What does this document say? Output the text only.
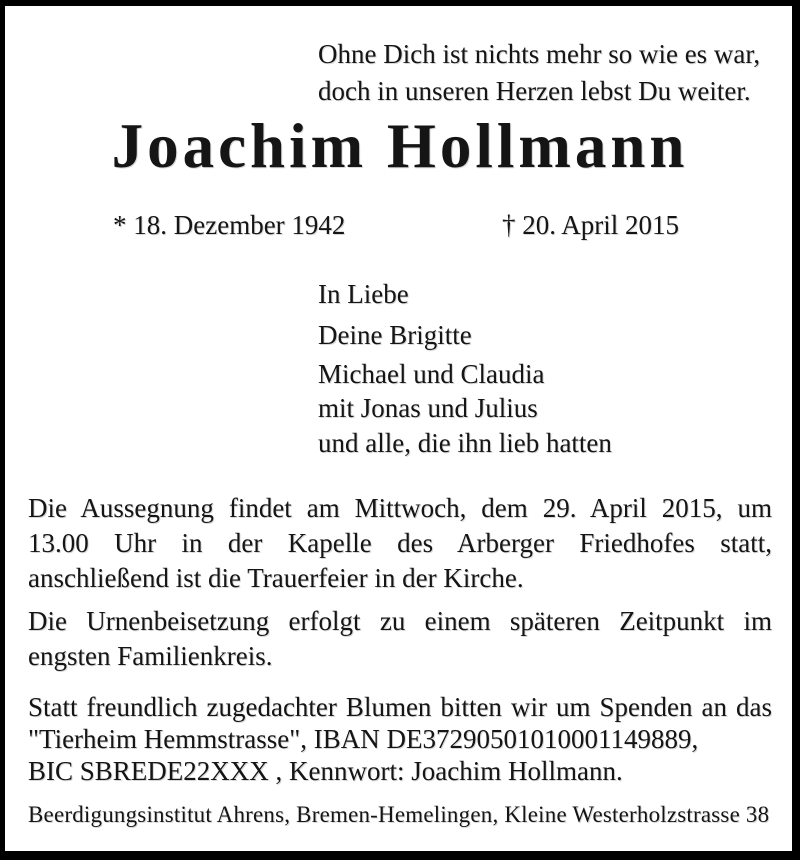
Ohne Dich ist nichts mehr so wie es war,
doch in unseren Herzen lebst Du weiter.
Joachim Hollmann
* 18. Dezember 1942	† 20. April 2015
In Liebe
Deine Brigitte
Michael und Claudia
mit Jonas und Julius
und alle, die ihn lieb hatten
Die Aussegnung findet am Mittwoch, dem 29. April 2015, um
13.00 Uhr in der Kapelle des Arberger Friedhofes statt,
anschließend ist die Trauerfeier in der Kirche.
Die Urnenbeisetzung erfolgt zu einem späteren Zeitpunkt im
engsten Familienkreis.
Statt freundlich zugedachter Blumen bitten wir um Spenden an das
"Tierheim Hemmstrasse", IBAN DE37290501010001149889,
BIC SBREDE22XXX , Kennwort: Joachim Hollmann.
Beerdigungsinstitut Ahrens, Bremen-Hemelingen, Kleine Westerholzstrasse 38
